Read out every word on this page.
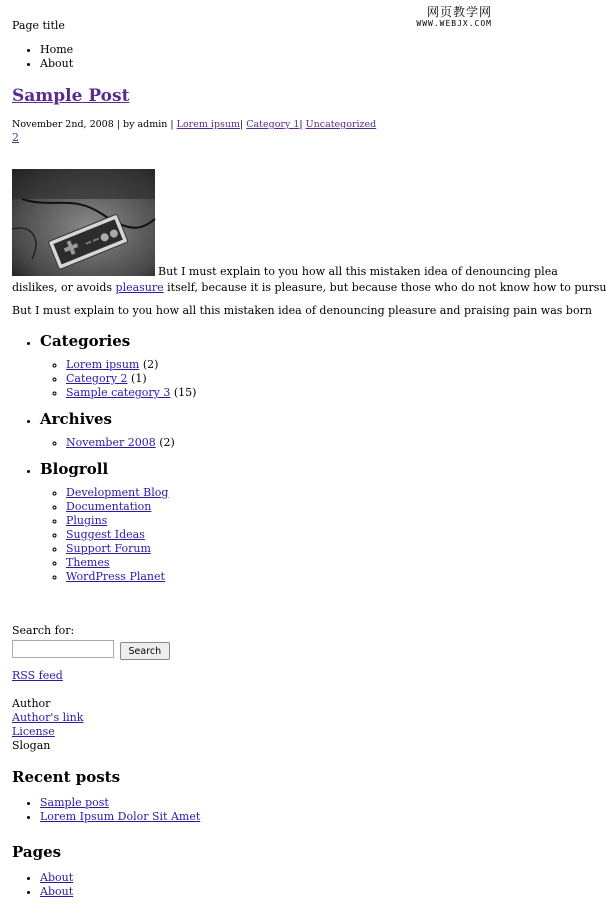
网页教学网
WWW.WEBJX.COM
Page title
• Home
• About
Sample Post
November 2nd, 2008 | by admin | Lorem ipsum| Category 1| Uncategorized
2
But I must explain to you how all this mistaken idea of denouncing plea
dislikes, or avoids pleasure itself, because it is pleasure, but because those who do not know how to pursu
But I must explain to you how all this mistaken idea of denouncing pleasure and praising pain was born
• Categories
◦ Lorem ipsum (2)
◦ Category 2 (1)
◦ Sample category 3 (15)
• Archives
◦ November 2008 (2)
• Blogroll
◦ Development Blog
◦ Documentation
◦ Plugins
◦ Suggest Ideas
◦ Support Forum
◦ Themes
◦ WordPress Planet
Search for:
Search
RSS feed
Author
Author's link
License
Slogan
Recent posts
• Sample post
• Lorem Ipsum Dolor Sit Amet
Pages
• About
• About
